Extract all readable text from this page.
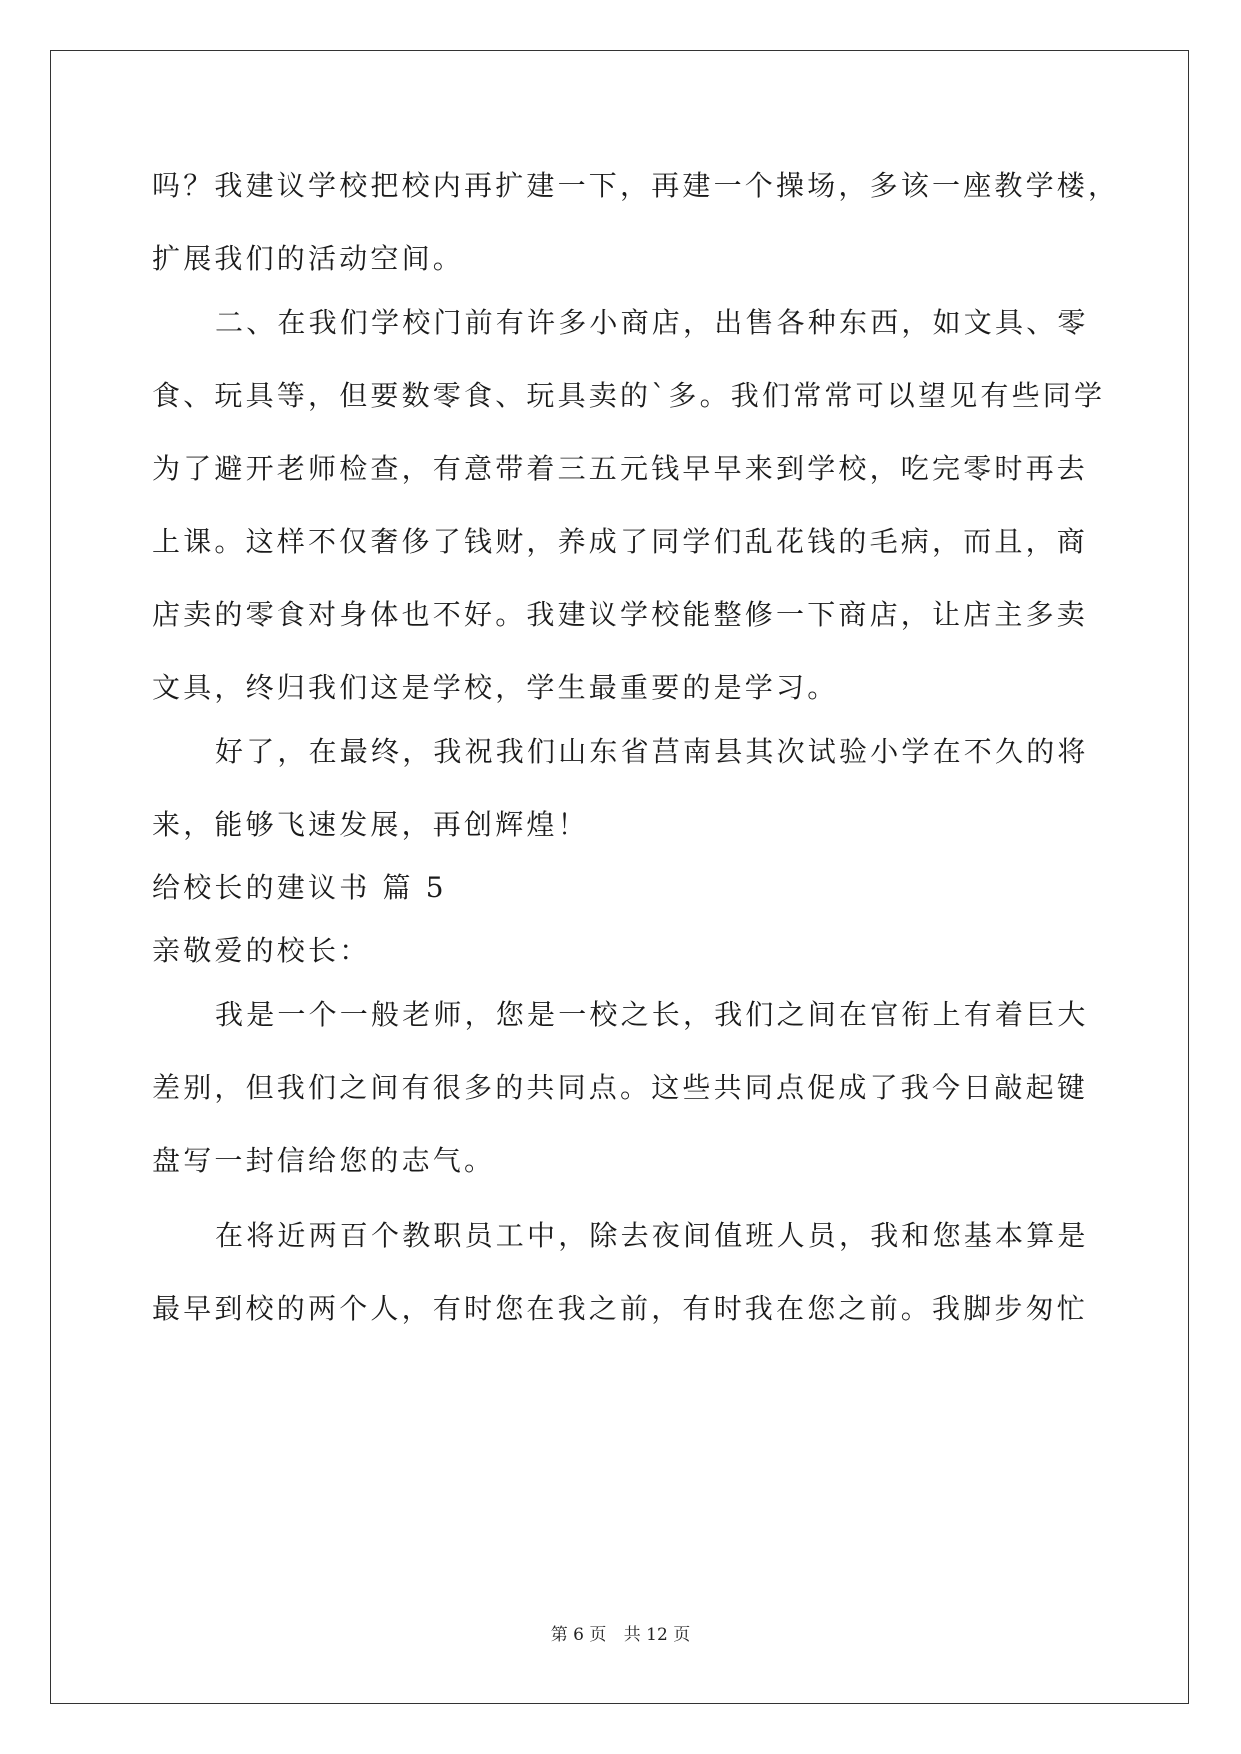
吗？我建议学校把校内再扩建一下，再建一个操场，多该一座教学楼，
扩展我们的活动空间。
二、在我们学校门前有许多小商店，出售各种东西，如文具、零
食、玩具等，但要数零食、玩具卖的`多。我们常常可以望见有些同学
为了避开老师检查，有意带着三五元钱早早来到学校，吃完零时再去
上课。这样不仅奢侈了钱财，养成了同学们乱花钱的毛病，而且，商
店卖的零食对身体也不好。我建议学校能整修一下商店，让店主多卖
文具，终归我们这是学校，学生最重要的是学习。
好了，在最终，我祝我们山东省莒南县其次试验小学在不久的将
来，能够飞速发展，再创辉煌！
给校长的建议书 篇 5
亲敬爱的校长：
我是一个一般老师，您是一校之长，我们之间在官衔上有着巨大
差别，但我们之间有很多的共同点。这些共同点促成了我今日敲起键
盘写一封信给您的志气。
在将近两百个教职员工中，除去夜间值班人员，我和您基本算是
最早到校的两个人，有时您在我之前，有时我在您之前。我脚步匆忙
第 6 页 共 12 页
